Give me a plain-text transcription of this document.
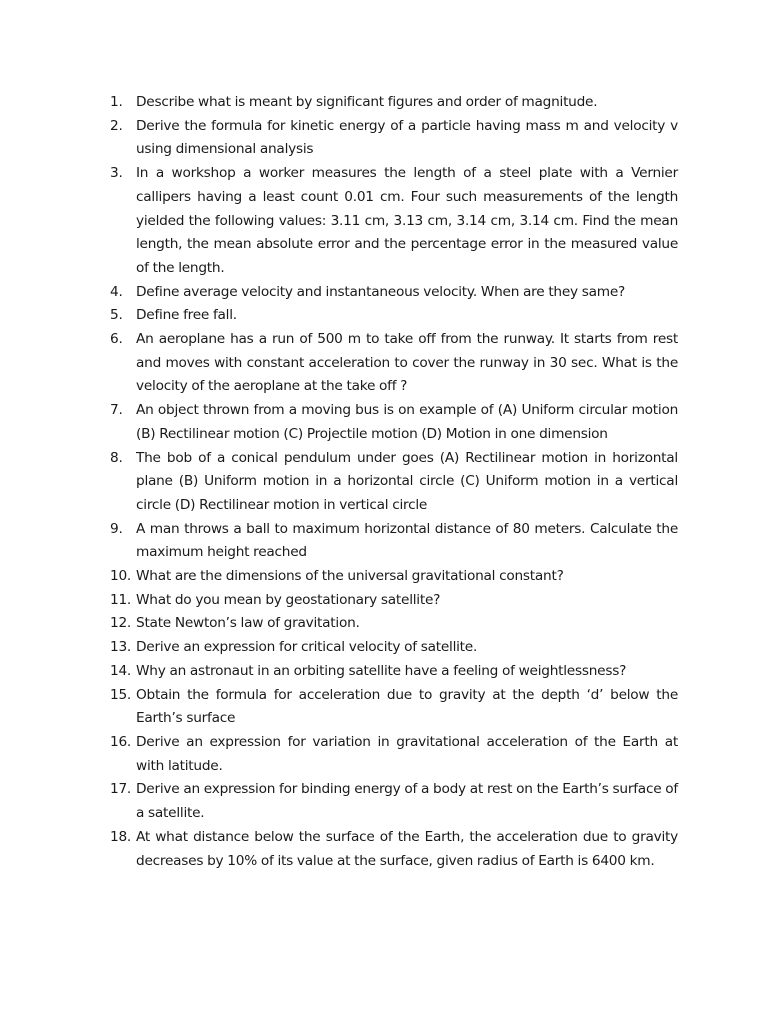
1. Describe what is meant by significant figures and order of magnitude.
2. Derive the formula for kinetic energy of a particle having mass m and velocity v using dimensional analysis
3. In a workshop a worker measures the length of a steel plate with a Vernier callipers having a least count 0.01 cm. Four such measurements of the length yielded the following values: 3.11 cm, 3.13 cm, 3.14 cm, 3.14 cm. Find the mean length, the mean absolute error and the percentage error in the measured value of the length.
4. Define average velocity and instantaneous velocity. When are they same?
5. Define free fall.
6. An aeroplane has a run of 500 m to take off from the runway. It starts from rest and moves with constant acceleration to cover the runway in 30 sec. What is the velocity of the aeroplane at the take off ?
7. An object thrown from a moving bus is on example of (A) Uniform circular motion (B) Rectilinear motion (C) Projectile motion (D) Motion in one dimension
8. The bob of a conical pendulum under goes (A) Rectilinear motion in horizontal plane (B) Uniform motion in a horizontal circle (C) Uniform motion in a vertical circle (D) Rectilinear motion in vertical circle
9. A man throws a ball to maximum horizontal distance of 80 meters. Calculate the maximum height reached
10. What are the dimensions of the universal gravitational constant?
11. What do you mean by geostationary satellite?
12. State Newton’s law of gravitation.
13. Derive an expression for critical velocity of satellite.
14. Why an astronaut in an orbiting satellite have a feeling of weightlessness?
15. Obtain the formula for acceleration due to gravity at the depth ‘d’ below the Earth’s surface
16. Derive an expression for variation in gravitational acceleration of the Earth at with latitude.
17. Derive an expression for binding energy of a body at rest on the Earth’s surface of a satellite.
18. At what distance below the surface of the Earth, the acceleration due to gravity decreases by 10% of its value at the surface, given radius of Earth is 6400 km.
